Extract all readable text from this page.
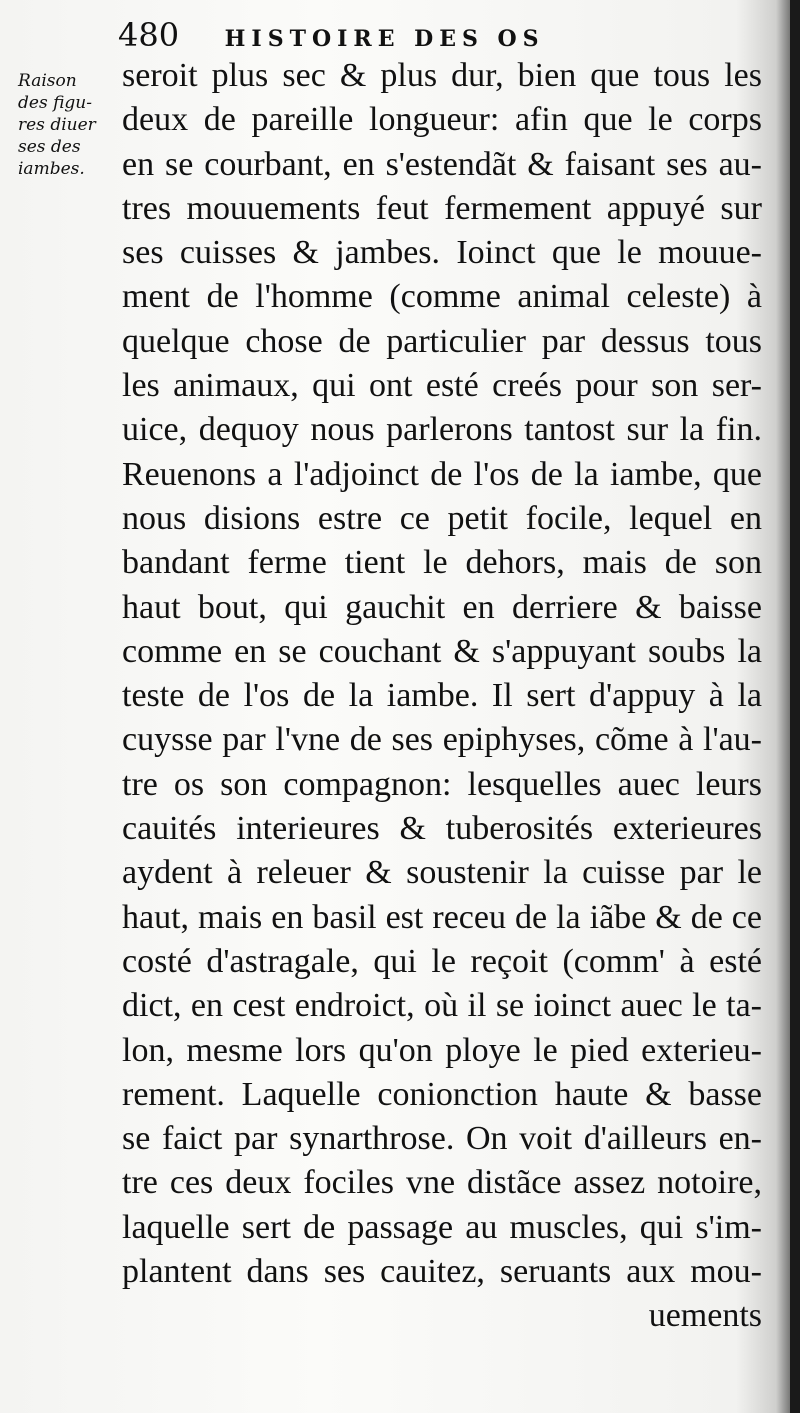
480 HISTOIRE DES OS
Raison
des figu-
res diuer
ses des
iambes.
seroit plus sec & plus dur, bien que tous les
deux de pareille longueur: afin que le corps
en se courbant, en s'estendãt & faisant ses au-
tres mouuements feut fermement appuyé sur
ses cuisses & jambes. Ioinct que le mouue-
ment de l'homme (comme animal celeste) à
quelque chose de particulier par dessus tous
les animaux, qui ont esté creés pour son ser-
uice, dequoy nous parlerons tantost sur la fin.
Reuenons a l'adjoinct de l'os de la iambe, que
nous disions estre ce petit focile, lequel en
bandant ferme tient le dehors, mais de son
haut bout, qui gauchit en derriere & baisse
comme en se couchant & s'appuyant soubs la
teste de l'os de la iambe. Il sert d'appuy à la
cuysse par l'vne de ses epiphyses, cõme à l'au-
tre os son compagnon: lesquelles auec leurs
cauités interieures & tuberosités exterieures
aydent à releuer & soustenir la cuisse par le
haut, mais en basil est receu de la iãbe & de ce
costé d'astragale, qui le reçoit (comm' à esté
dict, en cest endroict, où il se ioinct auec le ta-
lon, mesme lors qu'on ploye le pied exterieu-
rement. Laquelle conionction haute & basse
se faict par synarthrose. On voit d'ailleurs en-
tre ces deux fociles vne distãce assez notoire,
laquelle sert de passage au muscles, qui s'im-
plantent dans ses cauitez, seruants aux mou-
uements
